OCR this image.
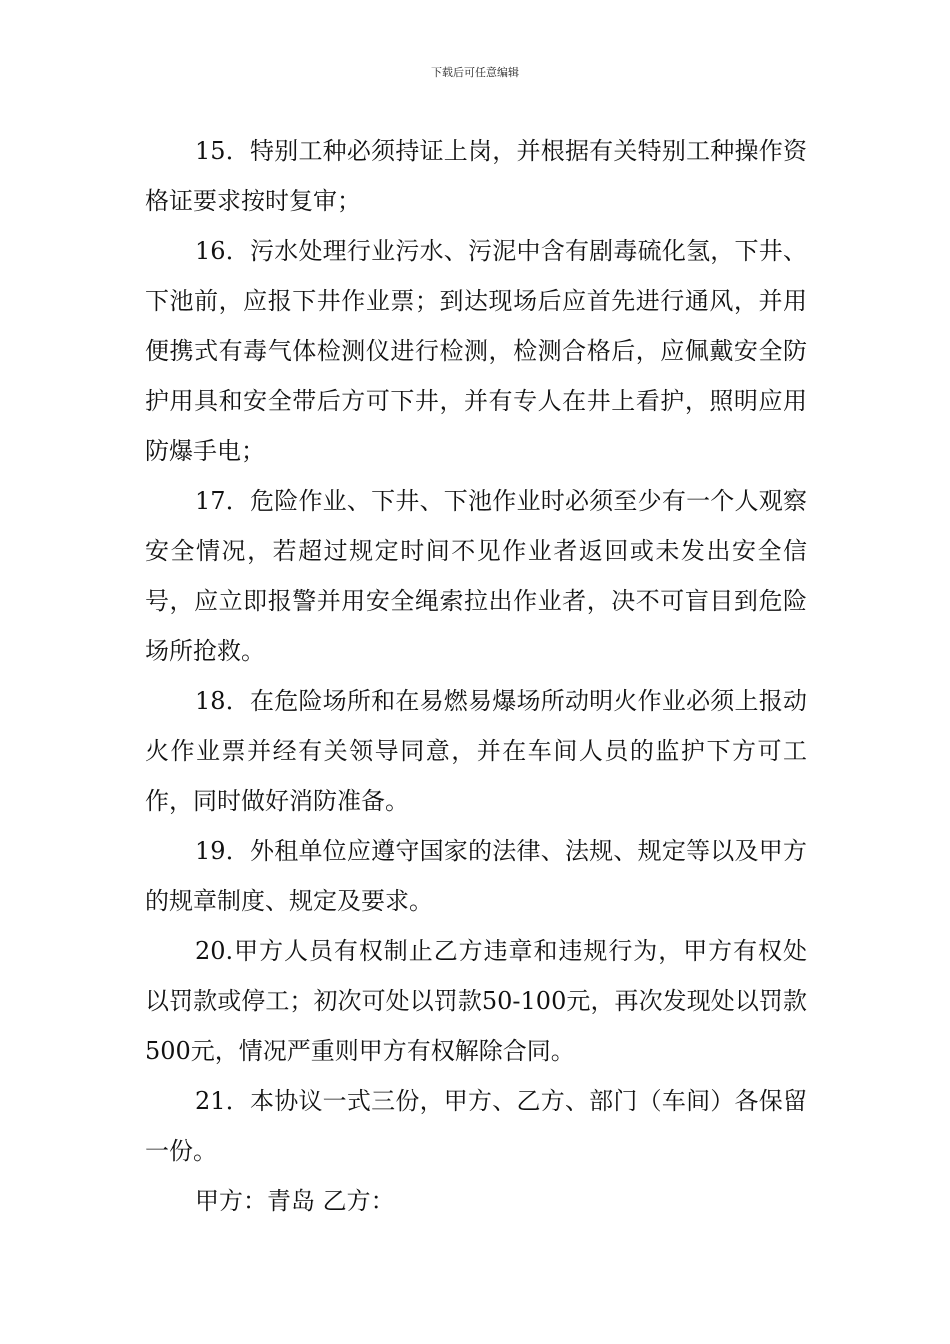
下载后可任意编辑

15．特别工种必须持证上岗，并根据有关特别工种操作资格证要求按时复审；

16．污水处理行业污水、污泥中含有剧毒硫化氢，下井、下池前，应报下井作业票；到达现场后应首先进行通风，并用便携式有毒气体检测仪进行检测，检测合格后，应佩戴安全防护用具和安全带后方可下井，并有专人在井上看护，照明应用防爆手电；

17．危险作业、下井、下池作业时必须至少有一个人观察安全情况，若超过规定时间不见作业者返回或未发出安全信号，应立即报警并用安全绳索拉出作业者，决不可盲目到危险场所抢救。

18．在危险场所和在易燃易爆场所动明火作业必须上报动火作业票并经有关领导同意，并在车间人员的监护下方可工作，同时做好消防准备。

19．外租单位应遵守国家的法律、法规、规定等以及甲方的规章制度、规定及要求。

20.甲方人员有权制止乙方违章和违规行为，甲方有权处以罚款或停工；初次可处以罚款50-100元，再次发现处以罚款500元，情况严重则甲方有权解除合同。

21．本协议一式三份，甲方、乙方、部门（车间）各保留一份。

甲方：青岛 乙方：
